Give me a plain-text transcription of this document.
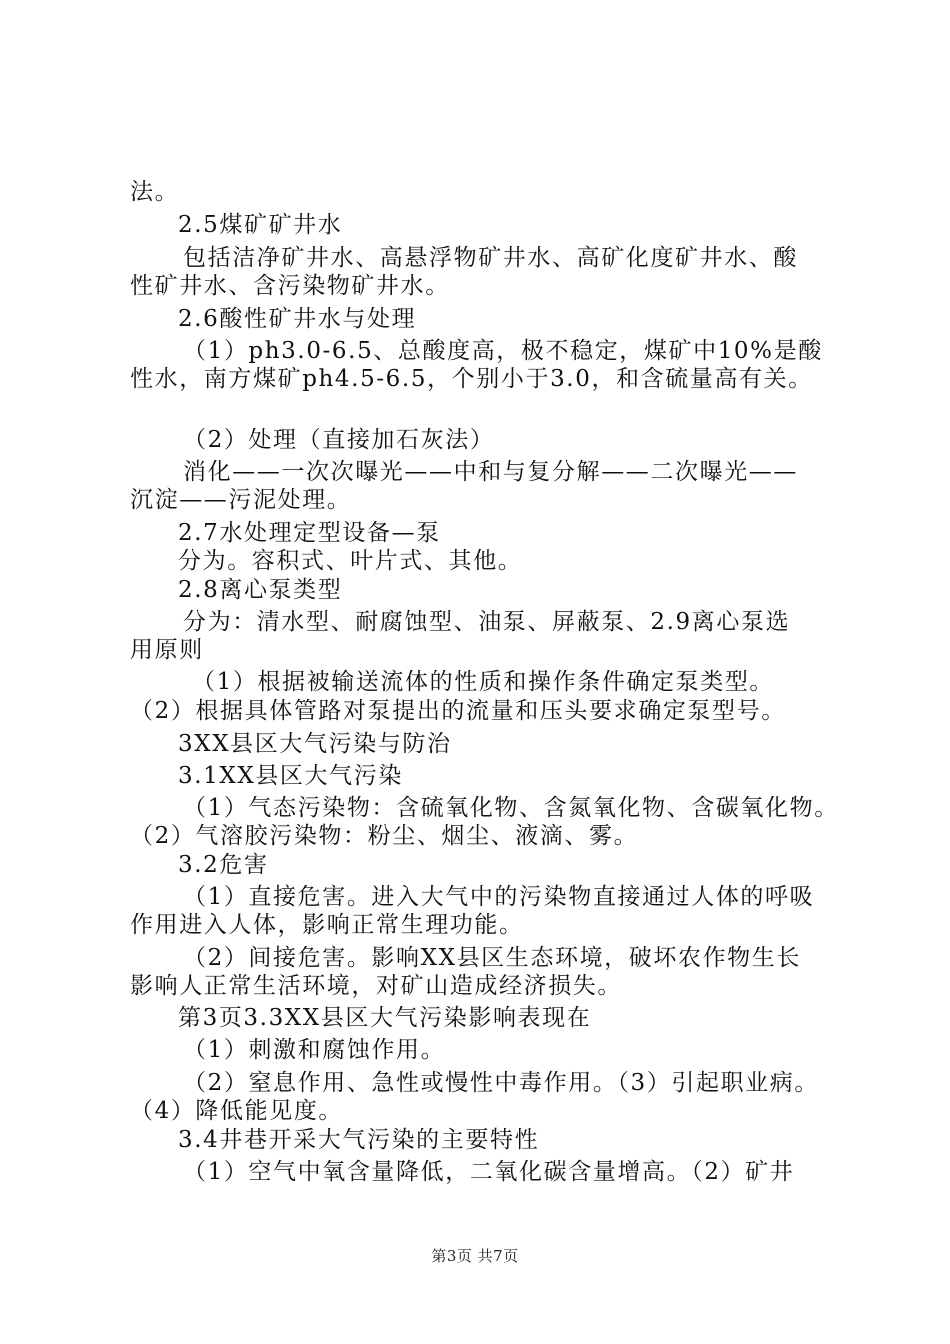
法。
2.5煤矿矿井水
包括洁净矿井水、高悬浮物矿井水、高矿化度矿井水、酸
性矿井水、含污染物矿井水。
2.6酸性矿井水与处理
（1）ph3.0-6.5、总酸度高，极不稳定，煤矿中10%是酸
性水，南方煤矿ph4.5-6.5，个别小于3.0，和含硫量高有关。
（2）处理（直接加石灰法）
消化——一次次曝光——中和与复分解——二次曝光——
沉淀——污泥处理。
2.7水处理定型设备—泵
分为。容积式、叶片式、其他。
2.8离心泵类型
分为：清水型、耐腐蚀型、油泵、屏蔽泵、2.9离心泵选
用原则
（1）根据被输送流体的性质和操作条件确定泵类型。
（2）根据具体管路对泵提出的流量和压头要求确定泵型号。
3XX县区大气污染与防治
3.1XX县区大气污染
（1）气态污染物：含硫氧化物、含氮氧化物、含碳氧化物。
（2）气溶胶污染物：粉尘、烟尘、液滴、雾。
3.2危害
（1）直接危害。进入大气中的污染物直接通过人体的呼吸
作用进入人体，影响正常生理功能。
（2）间接危害。影响XX县区生态环境，破坏农作物生长
影响人正常生活环境，对矿山造成经济损失。
第3页3.3XX县区大气污染影响表现在
（1）刺激和腐蚀作用。
（2）窒息作用、急性或慢性中毒作用。（3）引起职业病。
（4）降低能见度。
3.4井巷开采大气污染的主要特性
（1）空气中氧含量降低，二氧化碳含量增高。（2）矿井
第3页 共7页
